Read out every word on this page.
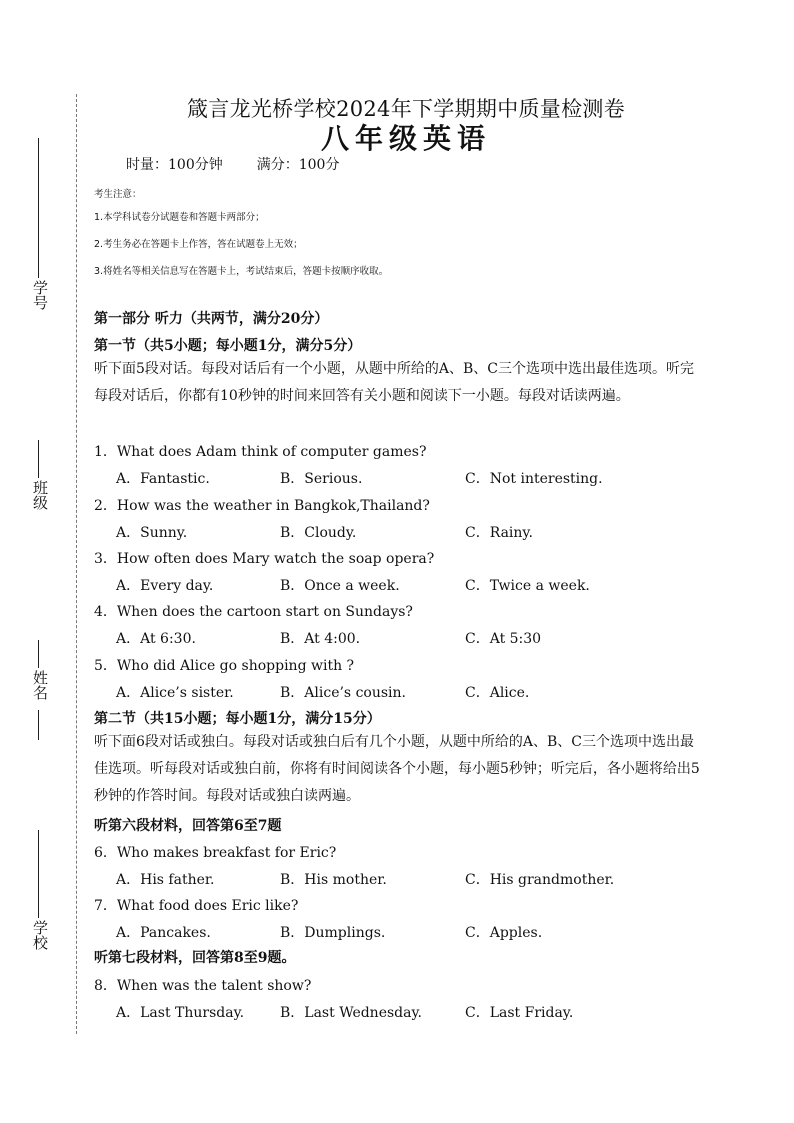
学号
班级
姓名
学校
箴言龙光桥学校2024年下学期期中质量检测卷
八年级英语
时量：100分钟 满分：100分
考生注意：
1.本学科试卷分试题卷和答题卡两部分；
2.考生务必在答题卡上作答，答在试题卷上无效；
3.将姓名等相关信息写在答题卡上，考试结束后，答题卡按顺序收取。
第一部分 听力（共两节，满分20分）
第一节（共5小题；每小题1分，满分5分）
听下面5段对话。每段对话后有一个小题，从题中所给的A、B、C三个选项中选出最佳选项。听完每段对话后，你都有10秒钟的时间来回答有关小题和阅读下一小题。每段对话读两遍。
1．What does Adam think of computer games?
A．Fantastic.	B．Serious.	C．Not interesting.
2．How was the weather in Bangkok,Thailand?
A．Sunny.	B．Cloudy.	C．Rainy.
3．How often does Mary watch the soap opera?
A．Every day.	B．Once a week.	C．Twice a week.
4．When does the cartoon start on Sundays?
A．At 6:30.	B．At 4:00.	C．At 5:30
5．Who did Alice go shopping with ?
A．Alice’s sister.	B．Alice’s cousin.	C．Alice.
第二节（共15小题；每小题1分，满分15分）
听下面6段对话或独白。每段对话或独白后有几个小题，从题中所给的A、B、C三个选项中选出最佳选项。听每段对话或独白前，你将有时间阅读各个小题，每小题5秒钟；听完后，各小题将给出5秒钟的作答时间。每段对话或独白读两遍。
听第六段材料，回答第6至7题
6．Who makes breakfast for Eric?
A．His father.	B．His mother.	C．His grandmother.
7．What food does Eric like?
A．Pancakes.	B．Dumplings.	C．Apples.
听第七段材料，回答第8至9题。
8．When was the talent show?
A．Last Thursday.	B．Last Wednesday.	C．Last Friday.
